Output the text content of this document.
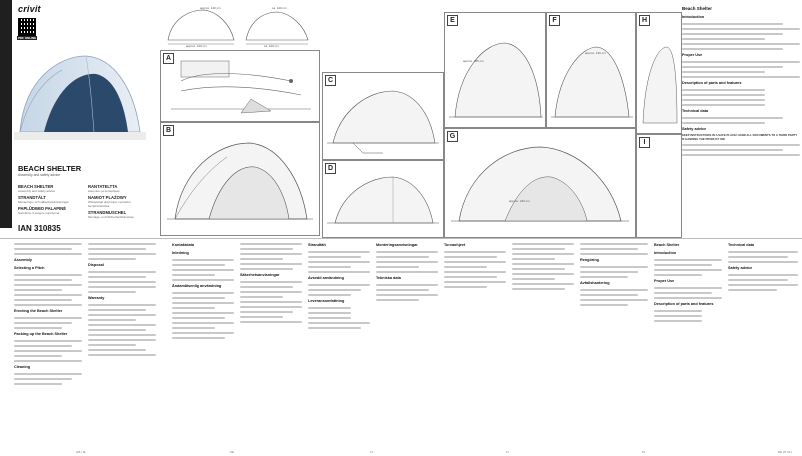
crivit
PDF ONLINE
BEACH SHELTER
Assembly and safety advice
BEACH SHELTER
Assembly and safety advice
STRANDTÄLT
Monterings- och säkerhetsanvisningar
PAPLŪDIMIO PALAPINĖ
Surinkimo ir saugos nurodymai
RANTATELTTA
Asennus- ja turvaohjeet
NAMIOT PLAŻOWY
Wskazówki dotyczące montażu i bezpieczeństwa
STRANDMUSCHEL
Montage- und Sicherheitshinweise
IAN 310835
approx. 120 cm
approx. 120 cm
ca. 120 cm
ca. 120 cm
A
B
C
D
E
approx. 465 cm
F
approx. 130 cm
G
approx. 240 cm
H
Beach Shelter
Introduction
Proper Use
Description of parts and features
Technical data
Safety advice
KEEP INSTRUCTIONS IN A SAFE PLACE! HAND ALL DOCUMENTS TO A THIRD PARTY IF HANDING THE PRODUCT ON!
I
Assembly
Selecting a Pitch
Erecting the Beach Shelter
Packing up the Beach Shelter
Cleaning
Disposal
Warranty
Kontaktdata
Inledning
Ändamålsenlig användning
Säkerhetsanvisningar
Strandtält
Avsedd användning
Leveransomfattning
Monteringsanvisningar
Tekniska data
Turvaohjeet
Rengöring
Avfallshantering
Beach Shelter
Introduction
Proper Use
Description of parts and features
Technical data
Safety advice
GB / IE	SE	LT	FI	PL	DE AT CH
